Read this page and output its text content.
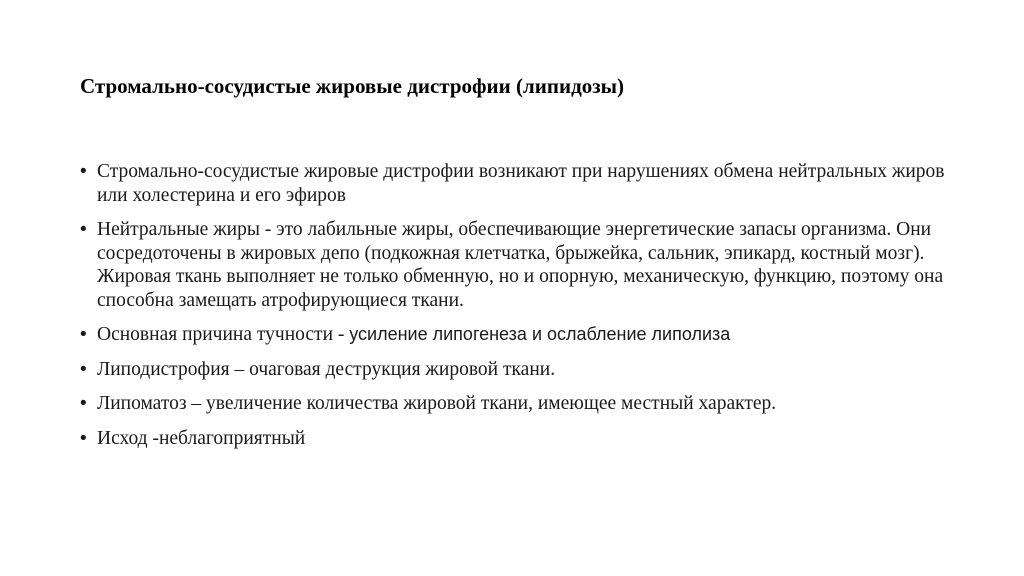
Стромально-сосудистые жировые дистрофии (липидозы)
• Стромально-сосудистые жировые дистрофии возникают при нарушениях обмена нейтральных жиров или холестерина и его эфиров
• Нейтральные жиры - это лабильные жиры, обеспечивающие энергетические запасы организма. Они сосредоточены в жировых депо (подкожная клетчатка, брыжейка, сальник, эпикард, костный мозг). Жировая ткань выполняет не только обменную, но и опорную, механическую, функцию, поэтому она способна замещать атрофирующиеся ткани.
• Основная причина тучности - усиление липогенеза и ослабление липолиза
• Липодистрофия – очаговая деструкция жировой ткани.
• Липоматоз – увеличение количества жировой ткани, имеющее местный характер.
• Исход -неблагоприятный
